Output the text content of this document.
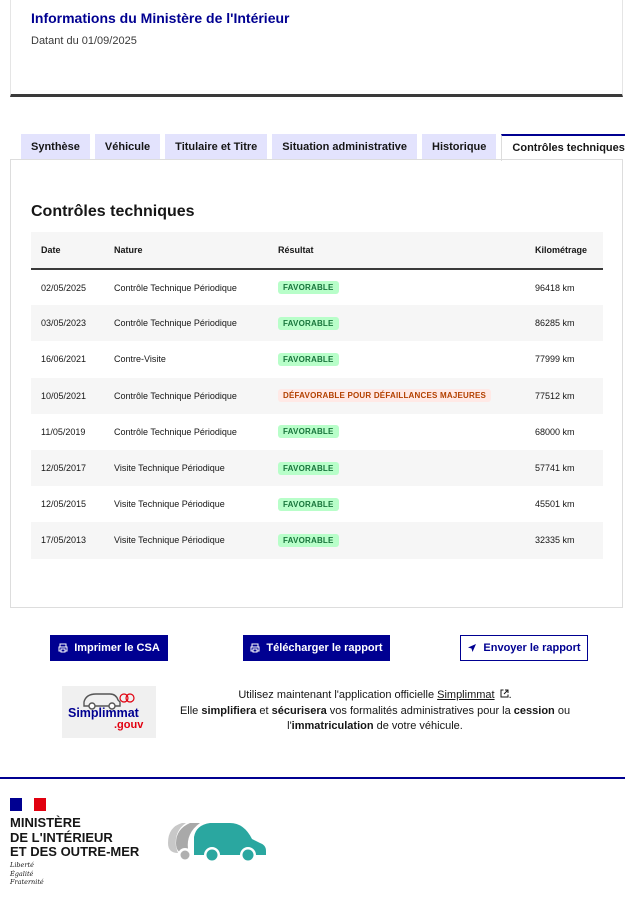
Informations du Ministère de l'Intérieur
Datant du 01/09/2025
Synthèse	Véhicule	Titulaire et Titre	Situation administrative	Historique	Contrôles techniques
Contrôles techniques
Date	Nature	Résultat	Kilométrage
02/05/2025	Contrôle Technique Périodique	FAVORABLE	96418 km
03/05/2023	Contrôle Technique Périodique	FAVORABLE	86285 km
16/06/2021	Contre-Visite	FAVORABLE	77999 km
10/05/2021	Contrôle Technique Périodique	DÉFAVORABLE POUR DÉFAILLANCES MAJEURES	77512 km
11/05/2019	Contrôle Technique Périodique	FAVORABLE	68000 km
12/05/2017	Visite Technique Périodique	FAVORABLE	57741 km
12/05/2015	Visite Technique Périodique	FAVORABLE	45501 km
17/05/2013	Visite Technique Périodique	FAVORABLE	32335 km
Imprimer le CSA	Télécharger le rapport	Envoyer le rapport
Simplimmat
.gouv
Utilisez maintenant l'application officielle Simplimmat .
Elle simplifiera et sécurisera vos formalités administratives pour la cession ou
l'immatriculation de votre véhicule.
MINISTÈRE
DE L'INTÉRIEUR
ET DES OUTRE-MER
Liberté
Égalité
Fraternité
